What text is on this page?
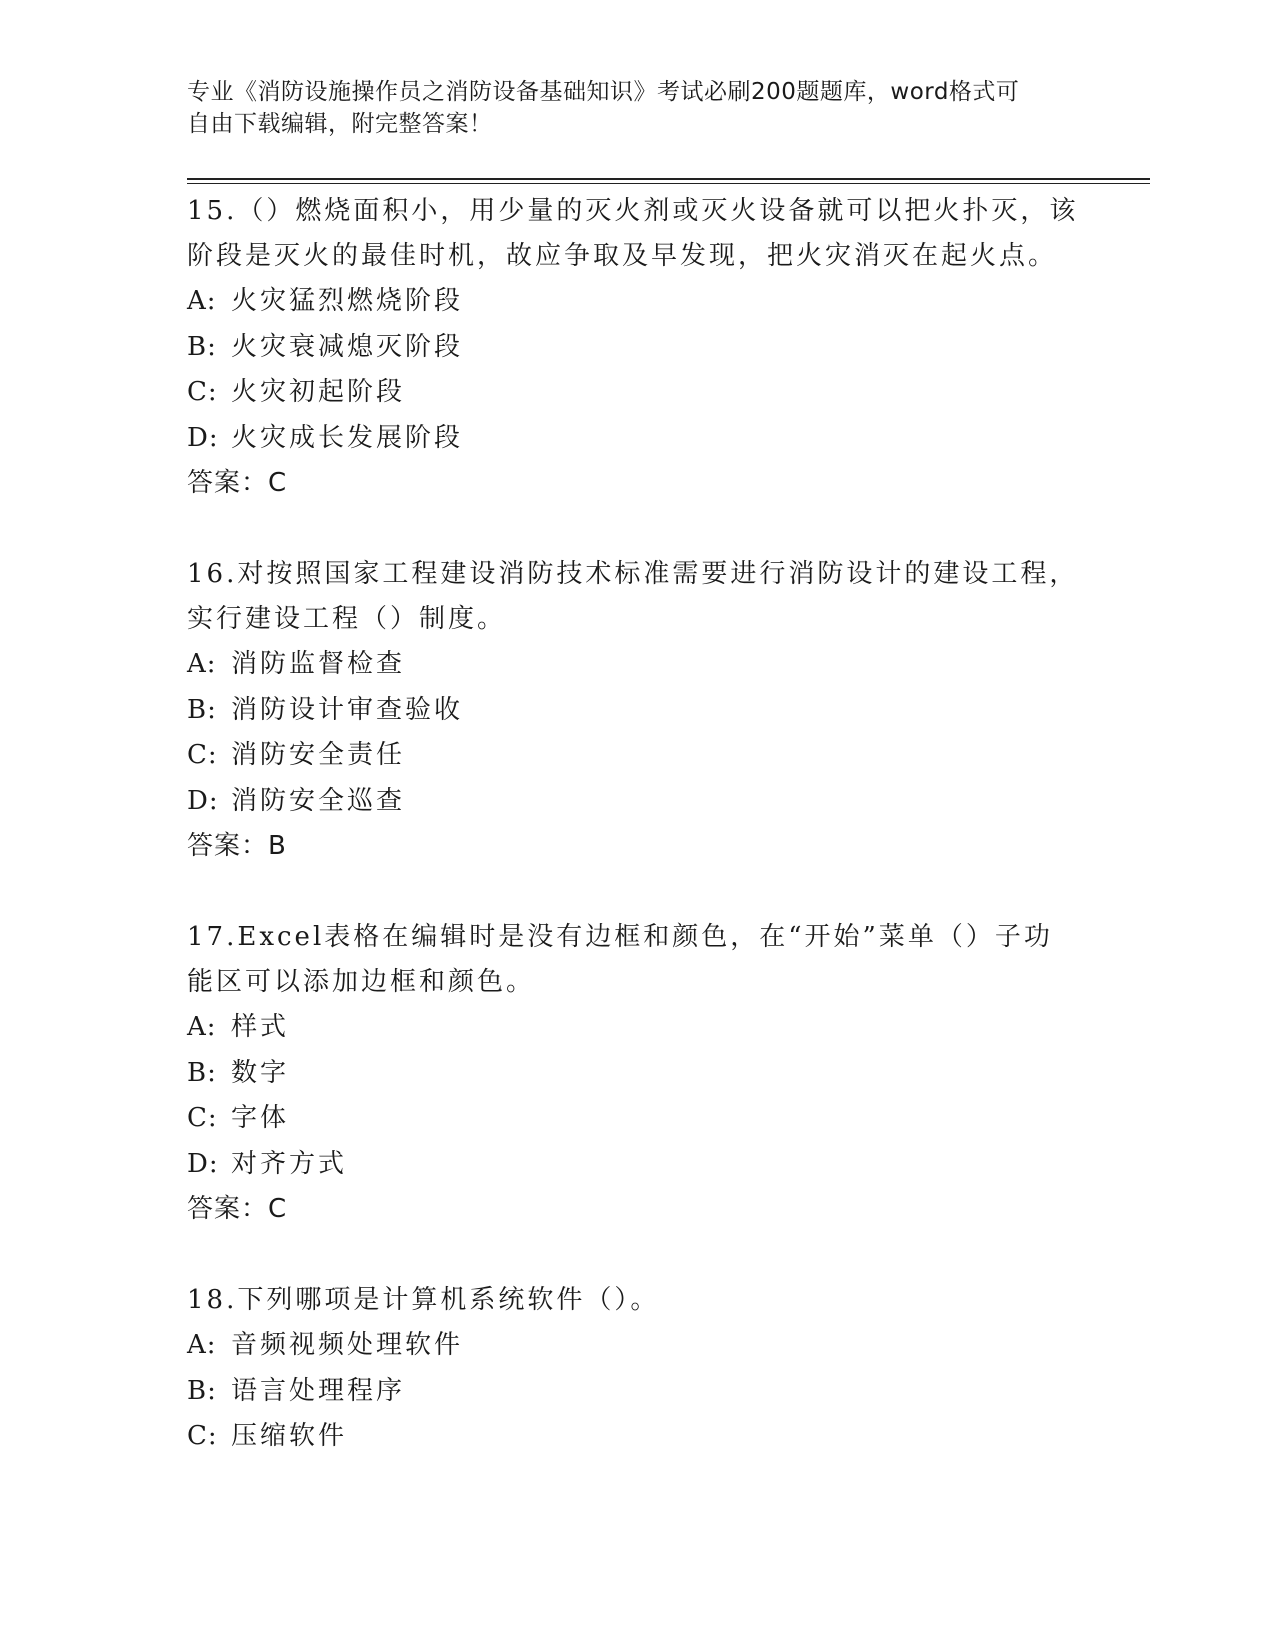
专业《消防设施操作员之消防设备基础知识》考试必刷200题题库，word格式可
自由下载编辑，附完整答案！

15.（）燃烧面积小，用少量的灭火剂或灭火设备就可以把火扑灭，该

阶段是灭火的最佳时机，故应争取及早发现，把火灾消灭在起火点。

A: 火灾猛烈燃烧阶段

B: 火灾衰减熄灭阶段

C: 火灾初起阶段

D: 火灾成长发展阶段

答案：C

16.对按照国家工程建设消防技术标准需要进行消防设计的建设工程，

实行建设工程（）制度。

A: 消防监督检查

B: 消防设计审查验收

C: 消防安全责任

D: 消防安全巡查

答案：B

17.Excel表格在编辑时是没有边框和颜色，在“开始”菜单（）子功

能区可以添加边框和颜色。

A: 样式

B: 数字

C: 字体

D: 对齐方式

答案：C

18.下列哪项是计算机系统软件（）。

A: 音频视频处理软件

B: 语言处理程序

C: 压缩软件
